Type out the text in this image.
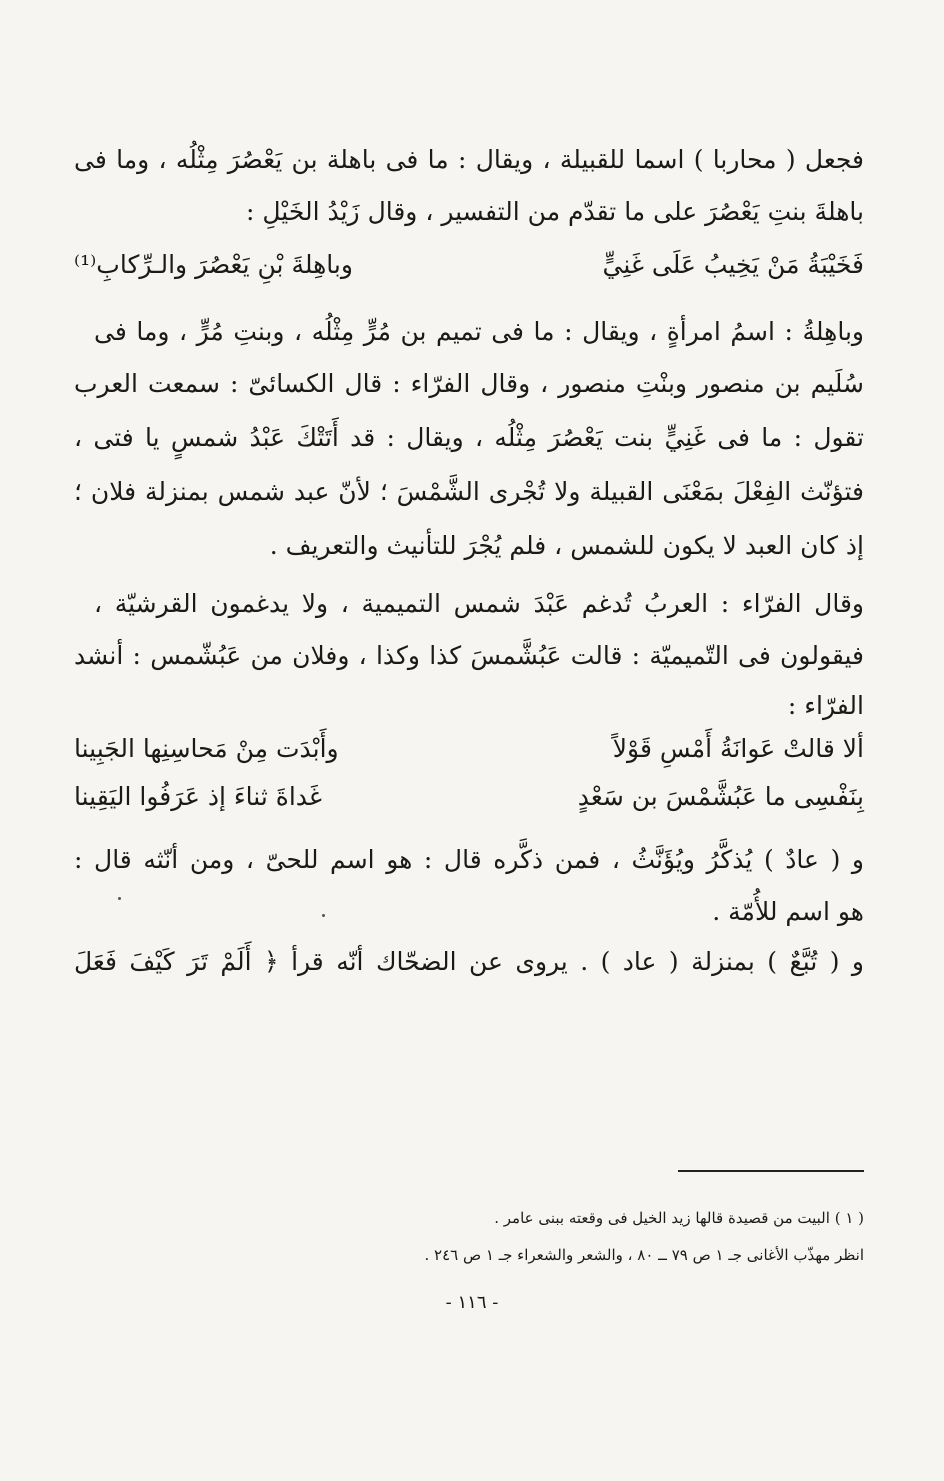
فجعل ( محاربا ) اسما للقبيلة ، ويقال : ما فى باهلة بن يَعْصُرَ مِثْلُه ، وما فى
باهلةَ بنتِ يَعْصُرَ على ما تقدّم من التفسير ، وقال زَيْدُ الخَيْلِ :
فَخَيْبَةُ مَنْ يَخِيبُ عَلَى غَنِيٍّ
وباهِلةَ بْنِ يَعْصُرَ والـرِّكابِ⁽¹⁾
وباهِلةُ : اسمُ امرأةٍ ، ويقال : ما فى تميم بن مُرٍّ مِثْلُه ، وبنتِ مُرٍّ ، وما فى
سُلَيم بن منصور وبنْتِ منصور ، وقال الفرّاء : قال الكسائىّ : سمعت العرب
تقول : ما فى غَنِيٍّ بنت يَعْصُرَ مِثْلُه ، ويقال : قد أَتَتْكَ عَبْدُ شمسٍ يا فتى ،
فتؤنّث الفِعْلَ بمَعْنَى القبيلة ولا تُجْرى الشَّمْسَ ؛ لأنّ عبد شمس بمنزلة فلان ؛
إذ كان العبد لا يكون للشمس ، فلم يُجْرَ للتأنيث والتعريف .
وقال الفرّاء : العربُ تُدغم عَبْدَ شمس التميمية ، ولا يدغمون القرشيّة ،
فيقولون فى التّميميّة : قالت عَبُشَّمسَ كذا وكذا ، وفلان من عَبُشّمس : أنشد
الفرّاء :
ألا قالتْ عَوانَةُ أَمْسِ قَوْلاً
وأَبْدَت مِنْ مَحاسِنِها الجَبِينا
بِنَفْسِى ما عَبُشَّمْسَ بن سَعْدٍ
غَداةَ ثناءَ إذ عَرَفُوا اليَقِينا
و ( عادٌ ) يُذكَّرُ ويُؤَنَّثُ ، فمن ذكَّره قال : هو اسم للحىّ ، ومن أنّثه قال :
هو اسم للأُمّة .
و ( تُبَّعٌ ) بمنزلة ( عاد ) . يروى عن الضحّاك أنّه قرأ ﴿ أَلَمْ تَرَ كَيْفَ فَعَلَ
( ١ ) البيت من قصيدة قالها زيد الخيل فى وقعته ببنى عامر .
انظر مهذّب الأغانى جـ ١ ص ٧٩ ــ ٨٠ ، والشعر والشعراء جـ ١ ص ٢٤٦ .
- ١١٦ -
